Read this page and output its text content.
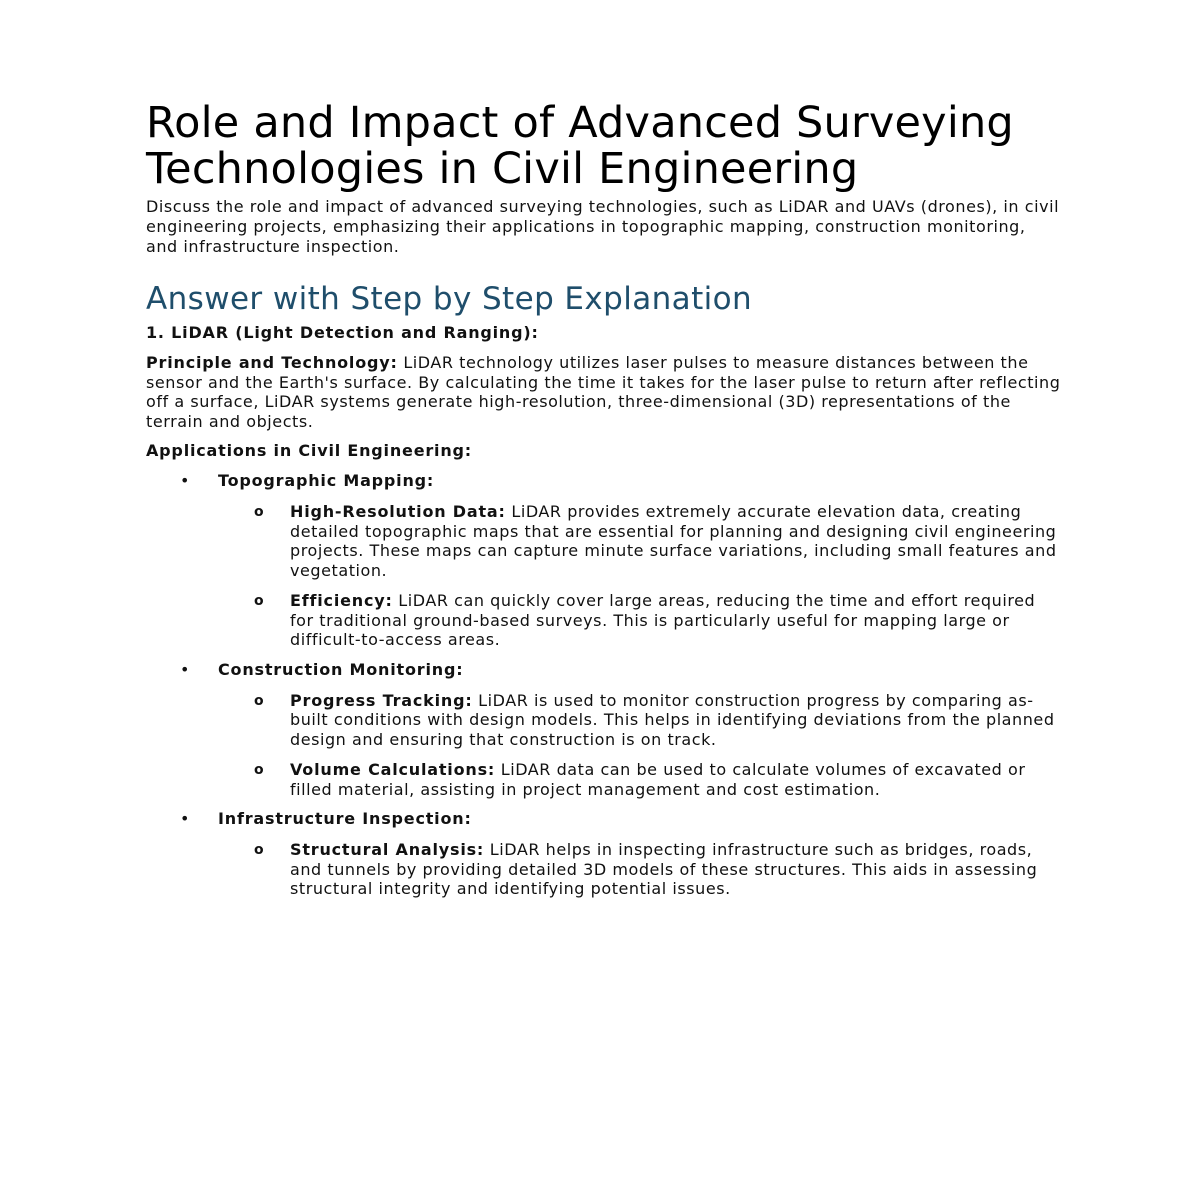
Role and Impact of Advanced Surveying Technologies in Civil Engineering

Discuss the role and impact of advanced surveying technologies, such as LiDAR and UAVs (drones), in civil engineering projects, emphasizing their applications in topographic mapping, construction monitoring, and infrastructure inspection.

Answer with Step by Step Explanation

1. LiDAR (Light Detection and Ranging):

Principle and Technology: LiDAR technology utilizes laser pulses to measure distances between the sensor and the Earth's surface. By calculating the time it takes for the laser pulse to return after reflecting off a surface, LiDAR systems generate high-resolution, three-dimensional (3D) representations of the terrain and objects.

Applications in Civil Engineering:

• Topographic Mapping:
o High-Resolution Data: LiDAR provides extremely accurate elevation data, creating detailed topographic maps that are essential for planning and designing civil engineering projects. These maps can capture minute surface variations, including small features and vegetation.
o Efficiency: LiDAR can quickly cover large areas, reducing the time and effort required for traditional ground-based surveys. This is particularly useful for mapping large or difficult-to-access areas.
• Construction Monitoring:
o Progress Tracking: LiDAR is used to monitor construction progress by comparing as-built conditions with design models. This helps in identifying deviations from the planned design and ensuring that construction is on track.
o Volume Calculations: LiDAR data can be used to calculate volumes of excavated or filled material, assisting in project management and cost estimation.
• Infrastructure Inspection:
o Structural Analysis: LiDAR helps in inspecting infrastructure such as bridges, roads, and tunnels by providing detailed 3D models of these structures. This aids in assessing structural integrity and identifying potential issues.
